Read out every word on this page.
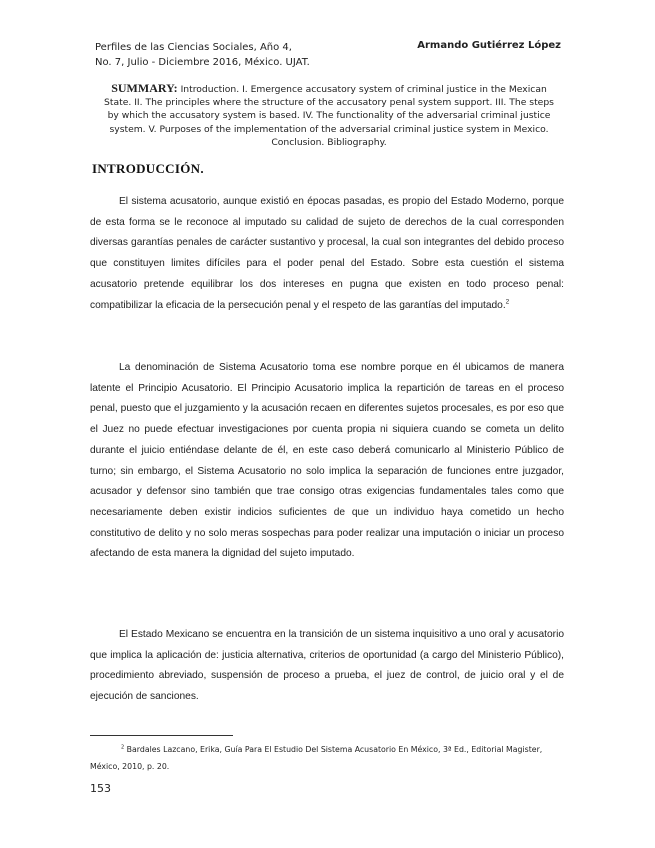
Perfiles de las Ciencias Sociales, Año 4,
No. 7, Julio - Diciembre 2016, México. UJAT.
Armando Gutiérrez López
SUMMARY: Introduction. I. Emergence accusatory system of criminal justice in the Mexican State. II. The principles where the structure of the accusatory penal system support. III. The steps by which the accusatory system is based. IV. The functionality of the adversarial criminal justice system. V. Purposes of the implementation of the adversarial criminal justice system in Mexico. Conclusion. Bibliography.
INTRODUCCIÓN.

El sistema acusatorio, aunque existió en épocas pasadas, es propio del Estado Moderno, porque de esta forma se le reconoce al imputado su calidad de sujeto de derechos de la cual corresponden diversas garantías penales de carácter sustantivo y procesal, la cual son integrantes del debido proceso que constituyen limites difíciles para el poder penal del Estado. Sobre esta cuestión el sistema acusatorio pretende equilibrar los dos intereses en pugna que existen en todo proceso penal: compatibilizar la eficacia de la persecución penal y el respeto de las garantías del imputado.$^2$

La denominación de Sistema Acusatorio toma ese nombre porque en él ubicamos de manera latente el Principio Acusatorio. El Principio Acusatorio implica la repartición de tareas en el proceso penal, puesto que el juzgamiento y la acusación recaen en diferentes sujetos procesales, es por eso que el Juez no puede efectuar investigaciones por cuenta propia ni siquiera cuando se cometa un delito durante el juicio entiéndase delante de él, en este caso deberá comunicarlo al Ministerio Público de turno; sin embargo, el Sistema Acusatorio no solo implica la separación de funciones entre juzgador, acusador y defensor sino también que trae consigo otras exigencias fundamentales tales como que necesariamente deben existir indicios suficientes de que un individuo haya cometido un hecho constitutivo de delito y no solo meras sospechas para poder realizar una imputación o iniciar un proceso afectando de esta manera la dignidad del sujeto imputado.

El Estado Mexicano se encuentra en la transición de un sistema inquisitivo a uno oral y acusatorio que implica la aplicación de: justicia alternativa, criterios de oportunidad (a cargo del Ministerio Público), procedimiento abreviado, suspensión de proceso a prueba, el juez de control, de juicio oral y el de ejecución de sanciones.

$^2$ Bardales Lazcano, Erika, Guía Para El Estudio Del Sistema Acusatorio En México, 3ª Ed., Editorial Magister, México, 2010, p. 20.

153
